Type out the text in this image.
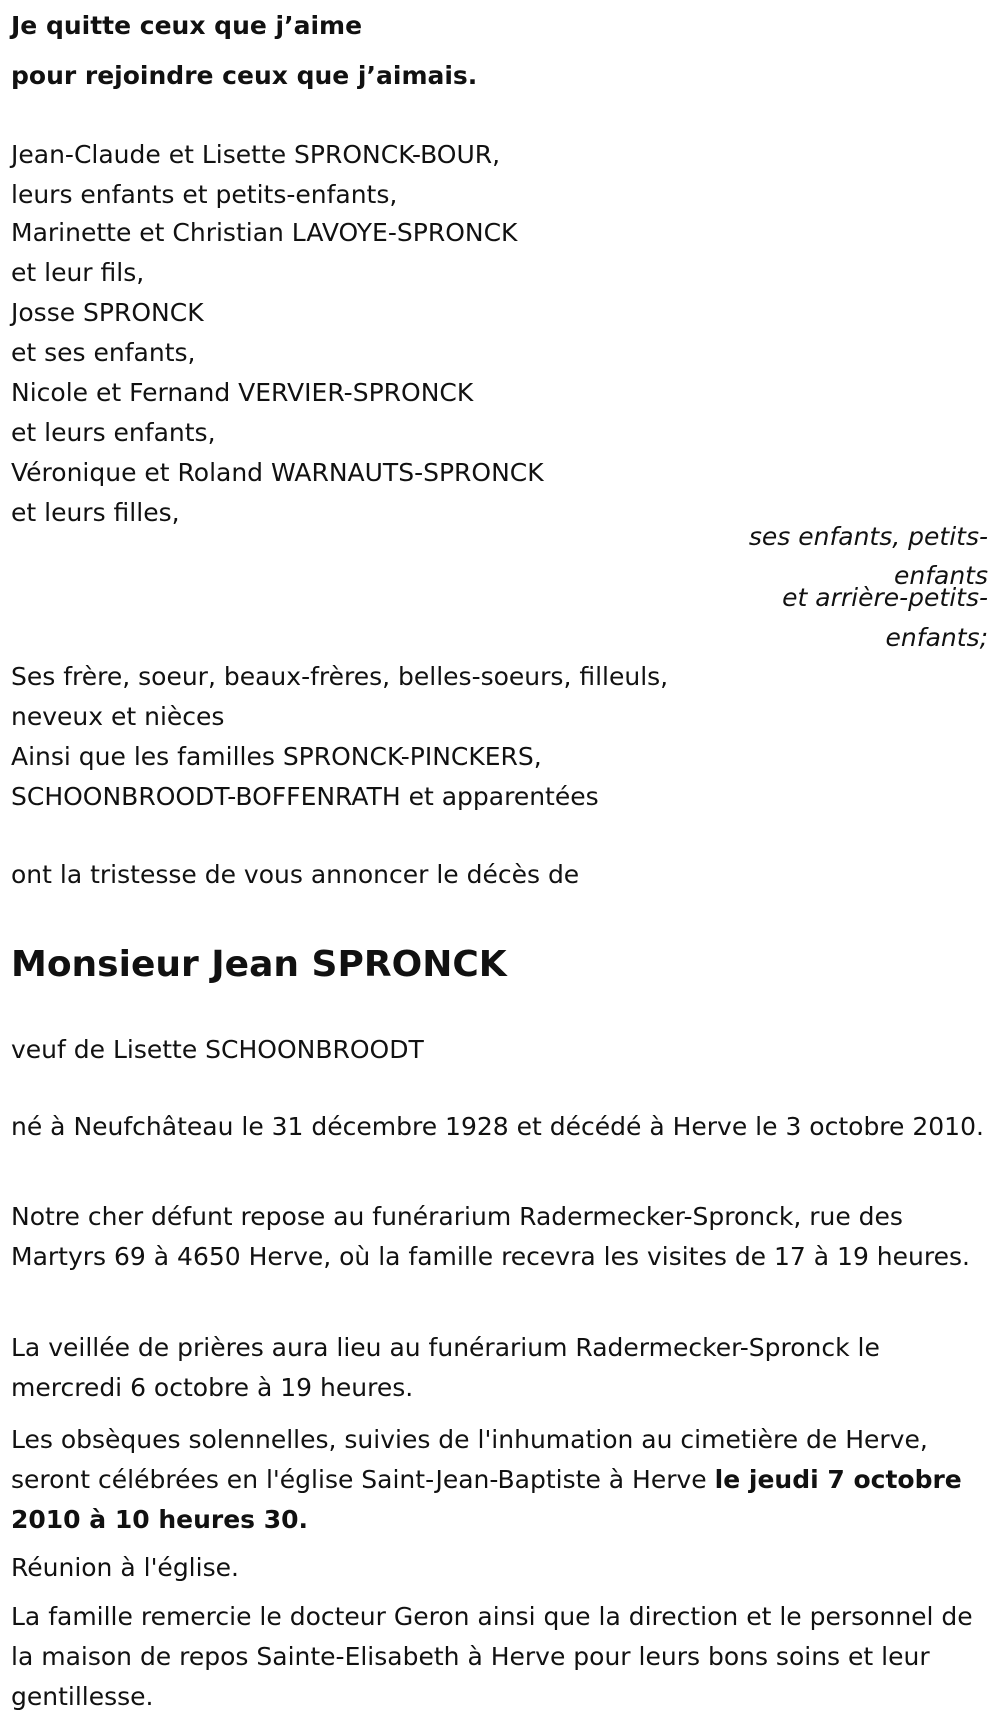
Je quitte ceux que j’aime
pour rejoindre ceux que j’aimais.
Jean-Claude et Lisette SPRONCK-BOUR,
leurs enfants et petits-enfants,
Marinette et Christian LAVOYE-SPRONCK
et leur fils,
Josse SPRONCK
et ses enfants,
Nicole et Fernand VERVIER-SPRONCK
et leurs enfants,
Véronique et Roland WARNAUTS-SPRONCK
et leurs filles,
ses enfants, petits-
enfants
et arrière-petits-
enfants;
Ses frère, soeur, beaux-frères, belles-soeurs, filleuls,
neveux et nièces
Ainsi que les familles SPRONCK-PINCKERS,
SCHOONBROODT-BOFFENRATH et apparentées
ont la tristesse de vous annoncer le décès de
Monsieur Jean SPRONCK
veuf de Lisette SCHOONBROODT

né à Neufchâteau le 31 décembre 1928 et décédé à Herve le 3 octobre 2010.

Notre cher défunt repose au funérarium Radermecker-Spronck, rue des Martyrs 69 à 4650 Herve, où la famille recevra les visites de 17 à 19 heures.

La veillée de prières aura lieu au funérarium Radermecker-Spronck le mercredi 6 octobre à 19 heures.

Les obsèques solennelles, suivies de l'inhumation au cimetière de Herve, seront célébrées en l'église Saint-Jean-Baptiste à Herve le jeudi 7 octobre 2010 à 10 heures 30.

Réunion à l'église.

La famille remercie le docteur Geron ainsi que la direction et le personnel de la maison de repos Sainte-Elisabeth à Herve pour leurs bons soins et leur gentillesse.
